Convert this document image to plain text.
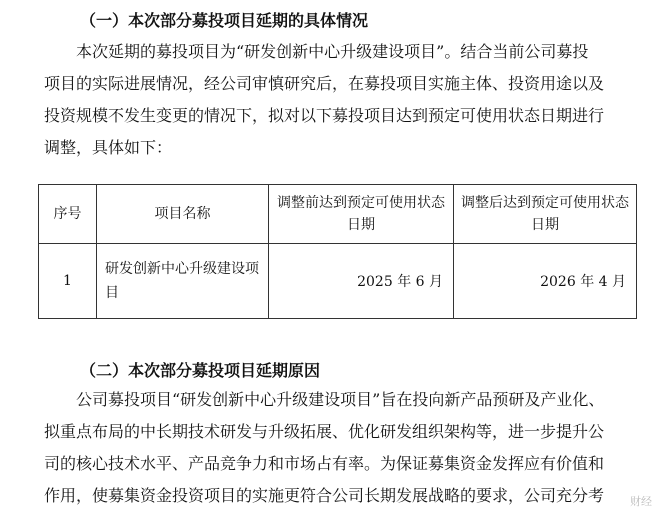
（一）本次部分募投项目延期的具体情况
本次延期的募投项目为“研发创新中心升级建设项目”。结合当前公司募投
项目的实际进展情况，经公司审慎研究后，在募投项目实施主体、投资用途以及
投资规模不发生变更的情况下，拟对以下募投项目达到预定可使用状态日期进行
调整，具体如下：
序号	项目名称	调整前达到预定可使用状态日期	调整后达到预定可使用状态日期
1	研发创新中心升级建设项目	2025 年 6 月	2026 年 4 月
（二）本次部分募投项目延期原因
公司募投项目“研发创新中心升级建设项目”旨在投向新产品预研及产业化、
拟重点布局的中长期技术研发与升级拓展、优化研发组织架构等，进一步提升公
司的核心技术水平、产品竞争力和市场占有率。为保证募集资金发挥应有价值和
作用，使募集资金投资项目的实施更符合公司长期发展战略的要求，公司充分考	财经
